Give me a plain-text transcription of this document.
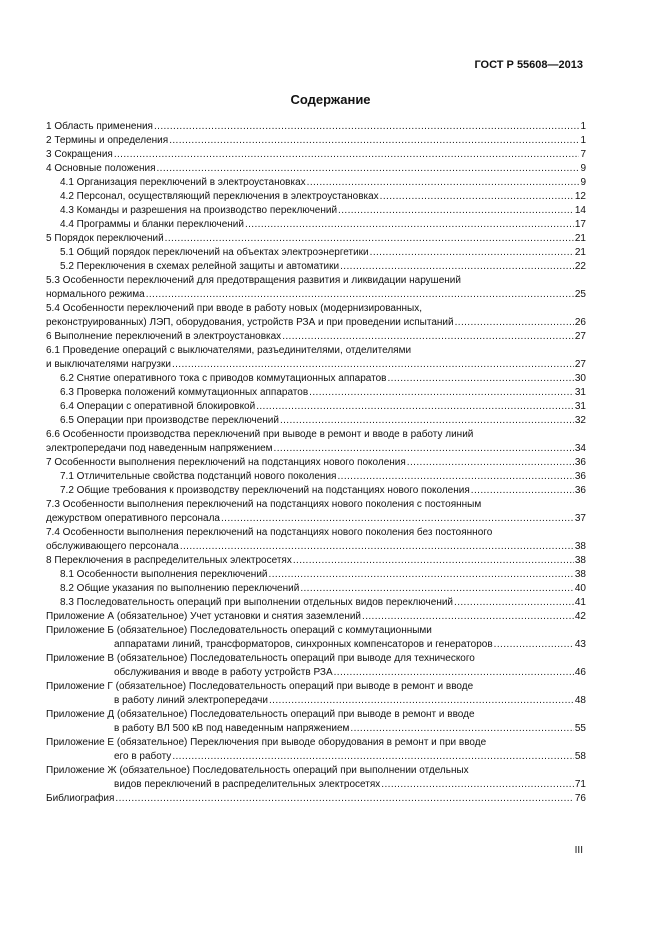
ГОСТ Р 55608—2013
Содержание
1 Область применения .....	1
2 Термины и определения .....	1
3 Сокращения .....	7
4 Основные положения .....	9
4.1 Организация переключений в электроустановках .....	9
4.2 Персонал, осуществляющий переключения в электроустановках .....	12
4.3 Команды и разрешения на производство переключений .....	14
4.4 Программы и бланки переключений .....	17
5 Порядок переключений .....	21
5.1 Общий порядок переключений на объектах электроэнергетики .....	21
5.2 Переключения в схемах релейной защиты и автоматики .....	22
5.3 Особенности переключений для предотвращения развития и ликвидации нарушений
нормального режима .....	25
5.4 Особенности переключений при вводе в работу новых (модернизированных,
реконструированных) ЛЭП, оборудования, устройств РЗА и при проведении испытаний .....	26
6 Выполнение переключений в электроустановках .....	27
6.1 Проведение операций с выключателями, разъединителями, отделителями
и выключателями нагрузки .....	27
6.2 Снятие оперативного тока с приводов коммутационных аппаратов .....	30
6.3 Проверка положений коммутационных аппаратов .....	31
6.4 Операции с оперативной блокировкой .....	31
6.5 Операции при производстве переключений .....	32
6.6 Особенности производства переключений при выводе в ремонт и вводе в работу линий
электропередачи под наведенным напряжением .....	34
7 Особенности выполнения переключений на подстанциях нового поколения .....	36
7.1 Отличительные свойства подстанций нового поколения .....	36
7.2 Общие требования к производству переключений на подстанциях нового поколения .....	36
7.3 Особенности выполнения переключений на подстанциях нового поколения с постоянным
дежурством оперативного персонала .....	37
7.4 Особенности выполнения переключений на подстанциях нового поколения без постоянного
обслуживающего персонала .....	38
8 Переключения в распределительных электросетях .....	38
8.1 Особенности выполнения переключений .....	38
8.2 Общие указания по выполнению переключений .....	40
8.3 Последовательность операций при выполнении отдельных видов переключений .....	41
Приложение А (обязательное) Учет установки и снятия заземлений .....	42
Приложение Б (обязательное) Последовательность операций с коммутационными
аппаратами линий, трансформаторов, синхронных компенсаторов и генераторов .....	43
Приложение В (обязательное) Последовательность операций при выводе для технического
обслуживания и вводе в работу устройств РЗА .....	46
Приложение Г (обязательное) Последовательность операций при выводе в ремонт и вводе
в работу линий электропередачи .....	48
Приложение Д (обязательное) Последовательность операций при выводе в ремонт и вводе
в работу ВЛ 500 кВ под наведенным напряжением .....	55
Приложение Е (обязательное) Переключения при выводе оборудования в ремонт и при вводе
его в работу .....	58
Приложение Ж (обязательное) Последовательность операций при выполнении отдельных
видов переключений в распределительных электросетях .....	71
Библиография .....	76
III
